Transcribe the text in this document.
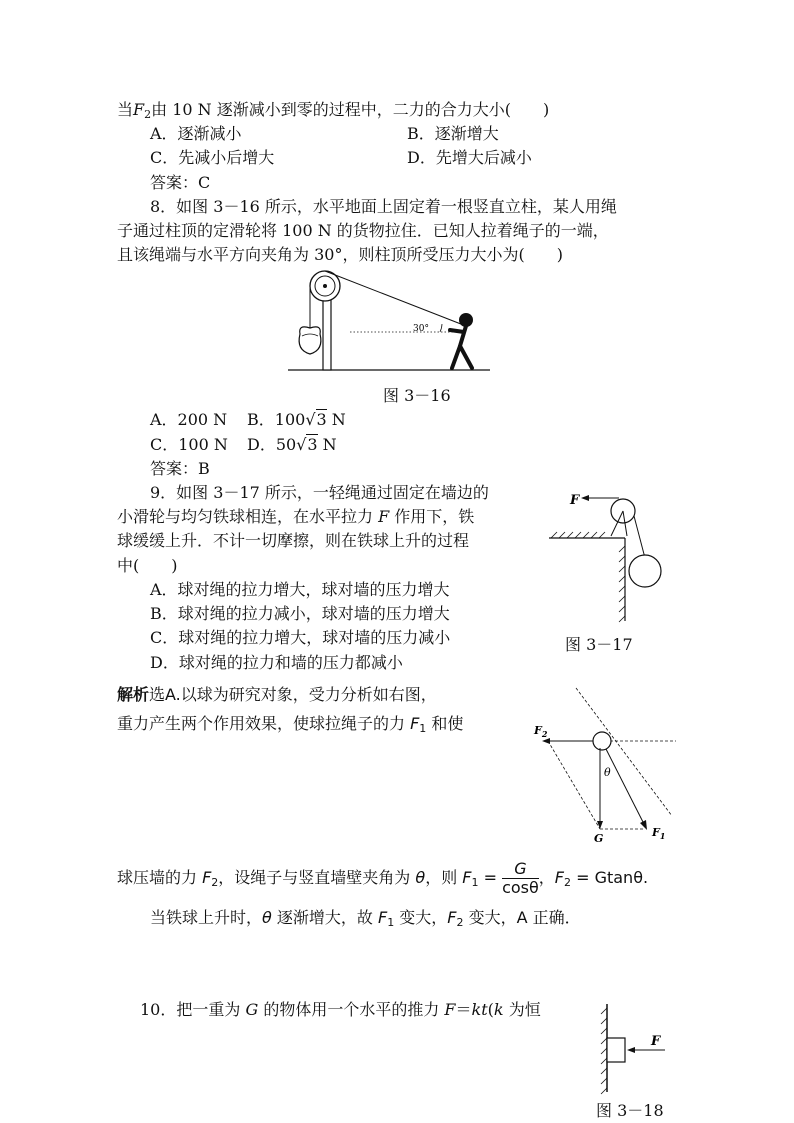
当$F_2$由 10 N 逐渐减小到零的过程中，二力的合力大小(　　)
A．逐渐减小	B．逐渐增大
C．先减小后增大	D．先增大后减小
答案：C
8．如图 3－16 所示，水平地面上固定着一根竖直立柱，某人用绳
子通过柱顶的定滑轮将 100 N 的货物拉住．已知人拉着绳子的一端，
且该绳端与水平方向夹角为 30°，则柱顶所受压力大小为(　　)
30°
图 3－16
A．200 N B．100√3 N
C．100 N D．50√3 N
答案：B
9．如图 3－17 所示，一轻绳通过固定在墙边的
小滑轮与均匀铁球相连，在水平拉力 F 作用下，铁
球缓缓上升．不计一切摩擦，则在铁球上升的过程
中(　　)
A．球对绳的拉力增大，球对墙的压力增大
B．球对绳的拉力减小，球对墙的压力增大
C．球对绳的拉力增大，球对墙的压力减小
D．球对绳的拉力和墙的压力都减小
F
图 3－17
解析选A.以球为研究对象，受力分析如右图，
重力产生两个作用效果，使球拉绳子的力 $F_1$ 和使	$F_2$
G
θ
$F_1$
球压墙的力 $F_2$，设绳子与竖直墙壁夹角为 θ，则 $F_1 = \frac{G}{\cos\theta}$ ，$F_2 = Gtan\theta$.
当铁球上升时，θ 逐渐增大，故 $F_1$ 变大，$F_2$ 变大，A 正确．
10．把一重为 G 的物体用一个水平的推力 F＝kt(k 为恒
F
图 3－18
